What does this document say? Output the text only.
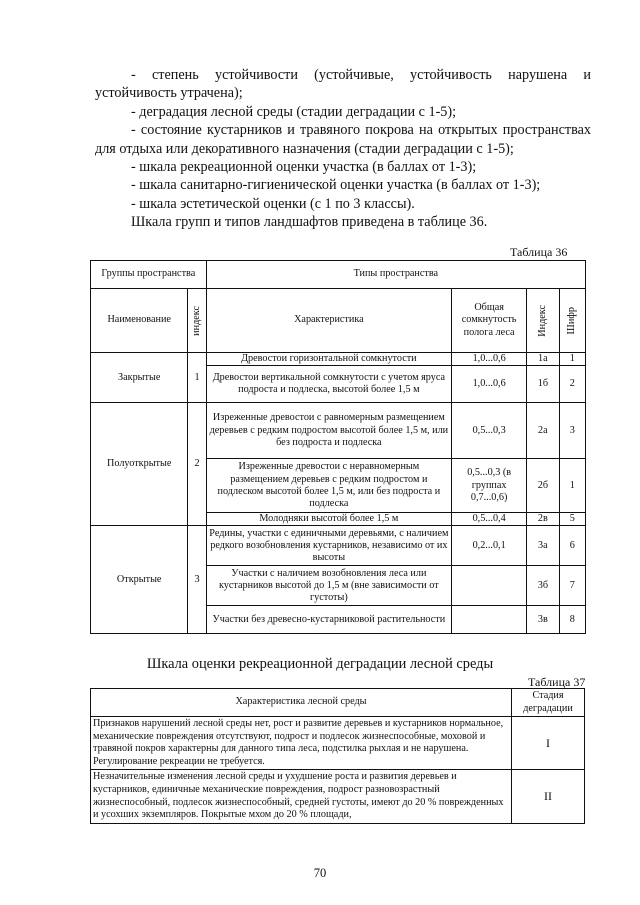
- степень устойчивости (устойчивые, устойчивость нарушена и устойчивость утрачена);

- деградация лесной среды (стадии деградации с 1-5);

- состояние кустарников и травяного покрова на открытых пространствах для отдыха или декоративного назначения (стадии деградации с 1-5);

- шкала рекреационной оценки участка (в баллах от 1-3);

- шкала санитарно-гигиенической оценки участка (в баллах от 1-3);

- шкала эстетической оценки (с 1 по 3 классы).

Шкала групп и типов ландшафтов приведена в таблице 36.

Таблица 36
Группы пространства		Типы пространства			
Наименование	индекс	Характеристика	Общая сомкнутость полога леса	Индекс	Шифр

Закрытые	1	Древостои горизонтальной сомкнутости	1,0...0,6	1а	1
		Древостои вертикальной сомкнутости с учетом яруса подроста и подлеска, высотой более 1,5 м	1,0...0,6	1б	2
Полуоткрытые	2	Изреженные древостои с равномерным размещением деревьев с редким подростом высотой более 1,5 м, или без подроста и подлеска	0,5...0,3	2а	3
		Изреженные древостои с неравномерным размещением деревьев с редким подростом и подлеском высотой более 1,5 м, или без подроста и подлеска	0,5...0,3 (в группах 0,7...0,6)	2б	1
		Молодняки высотой более 1,5 м	0,5...0,4	2в	5
Открытые	3	Редины, участки с единичными деревьями, с наличием редкого возобновления кустарников, независимо от их высоты	0,2...0,1	3а	6
		Участки с наличием возобновления леса или кустарников высотой до 1,5 м (вне зависимости от густоты)		3б	7
		Участки без древесно-кустарниковой растительности		3в	8
Шкала оценки рекреационной деградации лесной среды
Таблица 37
Характеристика лесной среды	Стадия деградации
Признаков нарушений лесной среды нет, рост и развитие деревьев и кустарников нормальное, механические повреждения отсутствуют, подрост и подлесок жизнеспособные, моховой и травяной покров характерны для данного типа леса, подстилка рыхлая и не нарушена.
Регулирование рекреации не требуется.	I
Незначительные изменения лесной среды и ухудшение роста и развития деревьев и кустарников, единичные механические повреждения, подрост разновозрастный жизнеспособный, подлесок жизнеспособный, средней густоты, имеют до 20 % поврежденных и усохших экземпляров. Покрытые мхом до 20 % площади,	II
70
